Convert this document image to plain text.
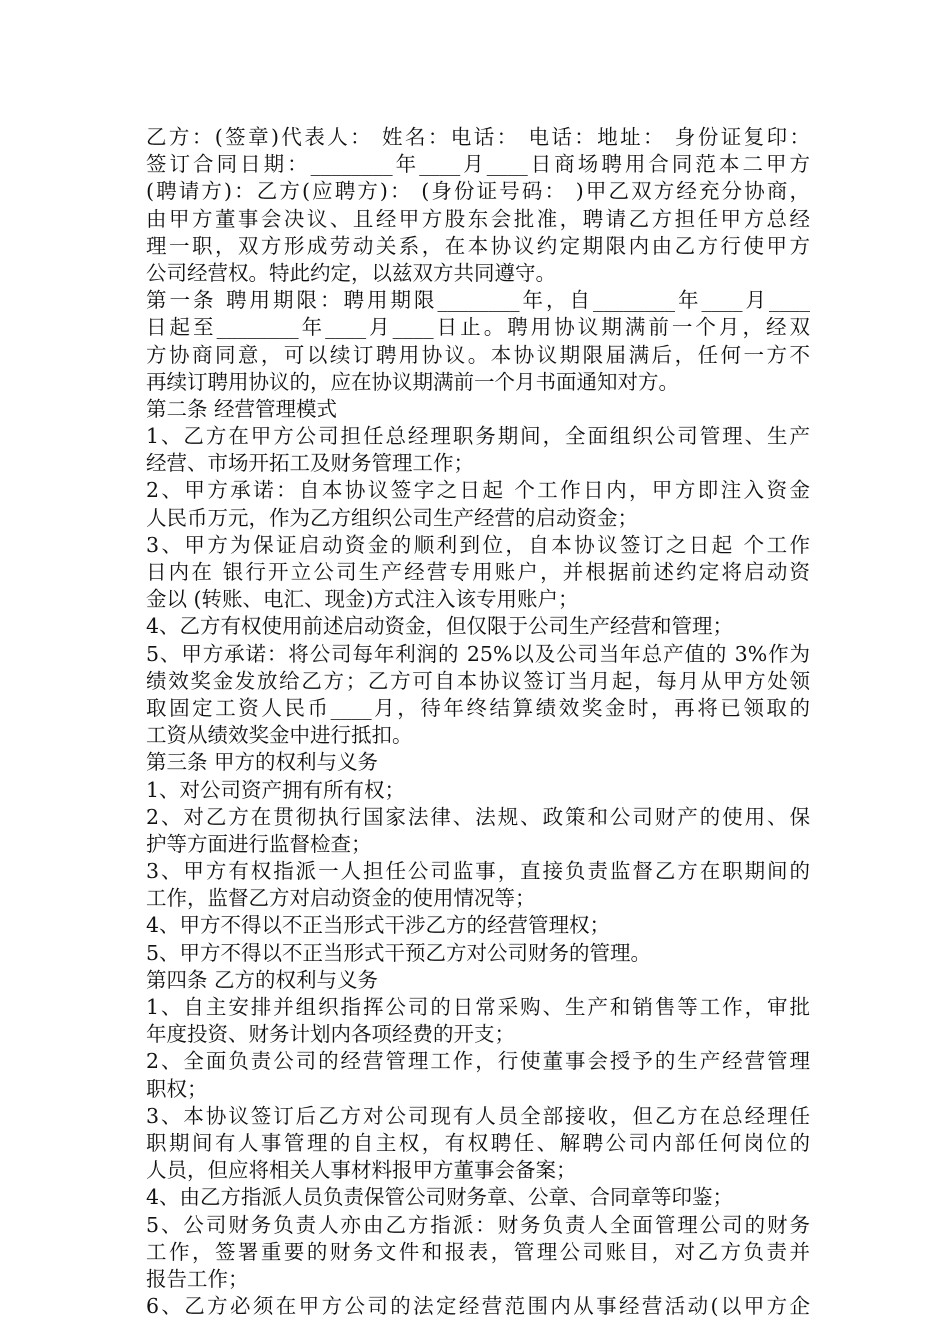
乙方：(签章)代表人： 姓名：电话： 电话：地址： 身份证复印：
签订合同日期：________年____月____日商场聘用合同范本二甲方
(聘请方)：乙方(应聘方)： (身份证号码： )甲乙双方经充分协商，
由甲方董事会决议、且经甲方股东会批准，聘请乙方担任甲方总经
理一职，双方形成劳动关系，在本协议约定期限内由乙方行使甲方
公司经营权。特此约定，以兹双方共同遵守。
第一条 聘用期限：聘用期限________年，自________年____月____
日起至________年____月____日止。聘用协议期满前一个月，经双
方协商同意，可以续订聘用协议。本协议期限届满后，任何一方不
再续订聘用协议的，应在协议期满前一个月书面通知对方。
第二条 经营管理模式
1、乙方在甲方公司担任总经理职务期间，全面组织公司管理、生产
经营、市场开拓工及财务管理工作；
2、甲方承诺：自本协议签字之日起 个工作日内，甲方即注入资金
人民币万元，作为乙方组织公司生产经营的启动资金；
3、甲方为保证启动资金的顺利到位，自本协议签订之日起 个工作
日内在 银行开立公司生产经营专用账户，并根据前述约定将启动资
金以 (转账、电汇、现金)方式注入该专用账户；
4、乙方有权使用前述启动资金，但仅限于公司生产经营和管理；
5、甲方承诺：将公司每年利润的 25%以及公司当年总产值的 3%作为
绩效奖金发放给乙方；乙方可自本协议签订当月起，每月从甲方处领
取固定工资人民币____月，待年终结算绩效奖金时，再将已领取的
工资从绩效奖金中进行抵扣。
第三条 甲方的权利与义务
1、对公司资产拥有所有权；
2、对乙方在贯彻执行国家法律、法规、政策和公司财产的使用、保
护等方面进行监督检查；
3、甲方有权指派一人担任公司监事，直接负责监督乙方在职期间的
工作，监督乙方对启动资金的使用情况等；
4、甲方不得以不正当形式干涉乙方的经营管理权；
5、甲方不得以不正当形式干预乙方对公司财务的管理。
第四条 乙方的权利与义务
1、自主安排并组织指挥公司的日常采购、生产和销售等工作，审批
年度投资、财务计划内各项经费的开支；
2、全面负责公司的经营管理工作，行使董事会授予的生产经营管理
职权；
3、本协议签订后乙方对公司现有人员全部接收，但乙方在总经理任
职期间有人事管理的自主权，有权聘任、解聘公司内部任何岗位的
人员，但应将相关人事材料报甲方董事会备案；
4、由乙方指派人员负责保管公司财务章、公章、合同章等印鉴；
5、公司财务负责人亦由乙方指派：财务负责人全面管理公司的财务
工作，签署重要的财务文件和报表，管理公司账目，对乙方负责并
报告工作；
6、乙方必须在甲方公司的法定经营范围内从事经营活动(以甲方企
